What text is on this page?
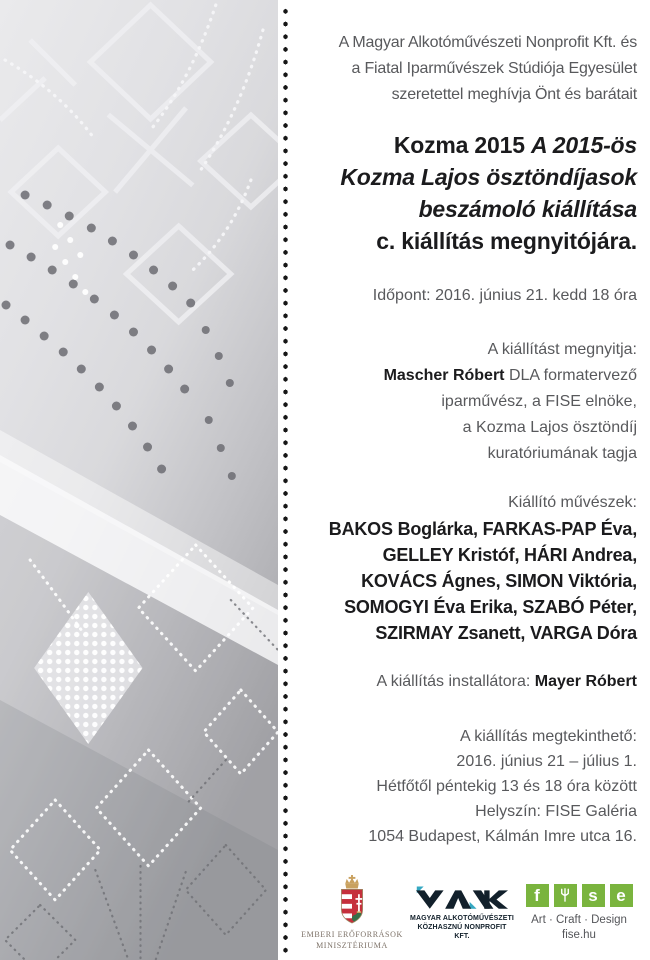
A Magyar Alkotóművészeti Nonprofit Kft. és
a Fiatal Iparművészek Stúdiója Egyesület
szeretettel meghívja Önt és barátait
Kozma 2015 A 2015-ös
Kozma Lajos ösztöndíjasok
beszámoló kiállítása
c. kiállítás megnyitójára.
Időpont: 2016. június 21. kedd 18 óra
A kiállítást megnyitja:
Mascher Róbert DLA formatervező
iparművész, a FISE elnöke,
a Kozma Lajos ösztöndíj
kuratóriumának tagja
Kiállító művészek:
BAKOS Boglárka, FARKAS-PAP Éva,
GELLEY Kristóf, HÁRI Andrea,
KOVÁCS Ágnes, SIMON Viktória,
SOMOGYI Éva Erika, SZABÓ Péter,
SZIRMAY Zsanett, VARGA Dóra
A kiállítás installátora: Mayer Róbert
A kiállítás megtekinthető:
2016. június 21 – július 1.
Hétfőtől péntekig 13 és 18 óra között
Helyszín: FISE Galéria
1054 Budapest, Kálmán Imre utca 16.
EMBERI ERŐFORRÁSOK
MINISZTÉRIUMA
MAGYAR ALKOTÓMŰVÉSZETI
KÖZHASZNÚ NONPROFIT KFT.
f	s	e
Art · Craft · Design
fise.hu
